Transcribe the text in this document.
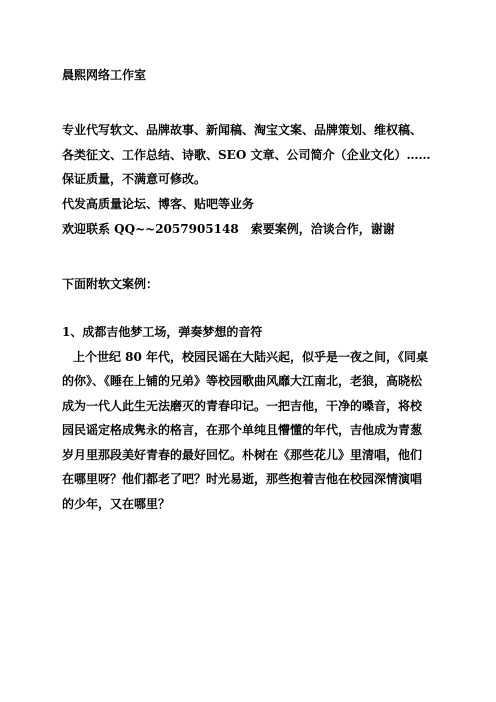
晨熙网络工作室
专业代写软文、品牌故事、新闻稿、淘宝文案、品牌策划、维权稿、
各类征文、工作总结、诗歌、SEO 文章、公司简介（企业文化）……
保证质量，不满意可修改。
代发高质量论坛、博客、贴吧等业务
欢迎联系 QQ~~2057905148　索要案例，洽谈合作，谢谢
下面附软文案例：
1、成都吉他梦工场，弹奏梦想的音符
上个世纪 80 年代，校园民谣在大陆兴起，似乎是一夜之间，《同桌
的你》、《睡在上铺的兄弟》等校园歌曲风靡大江南北，老狼，高晓松
成为一代人此生无法磨灭的青春印记。一把吉他，干净的嗓音，将校
园民谣定格成隽永的格言，在那个单纯且懵懂的年代，吉他成为青葱
岁月里那段美好青春的最好回忆。朴树在《那些花儿》里清唱，他们
在哪里呀？他们都老了吧？时光易逝，那些抱着吉他在校园深情演唱
的少年，又在哪里？
